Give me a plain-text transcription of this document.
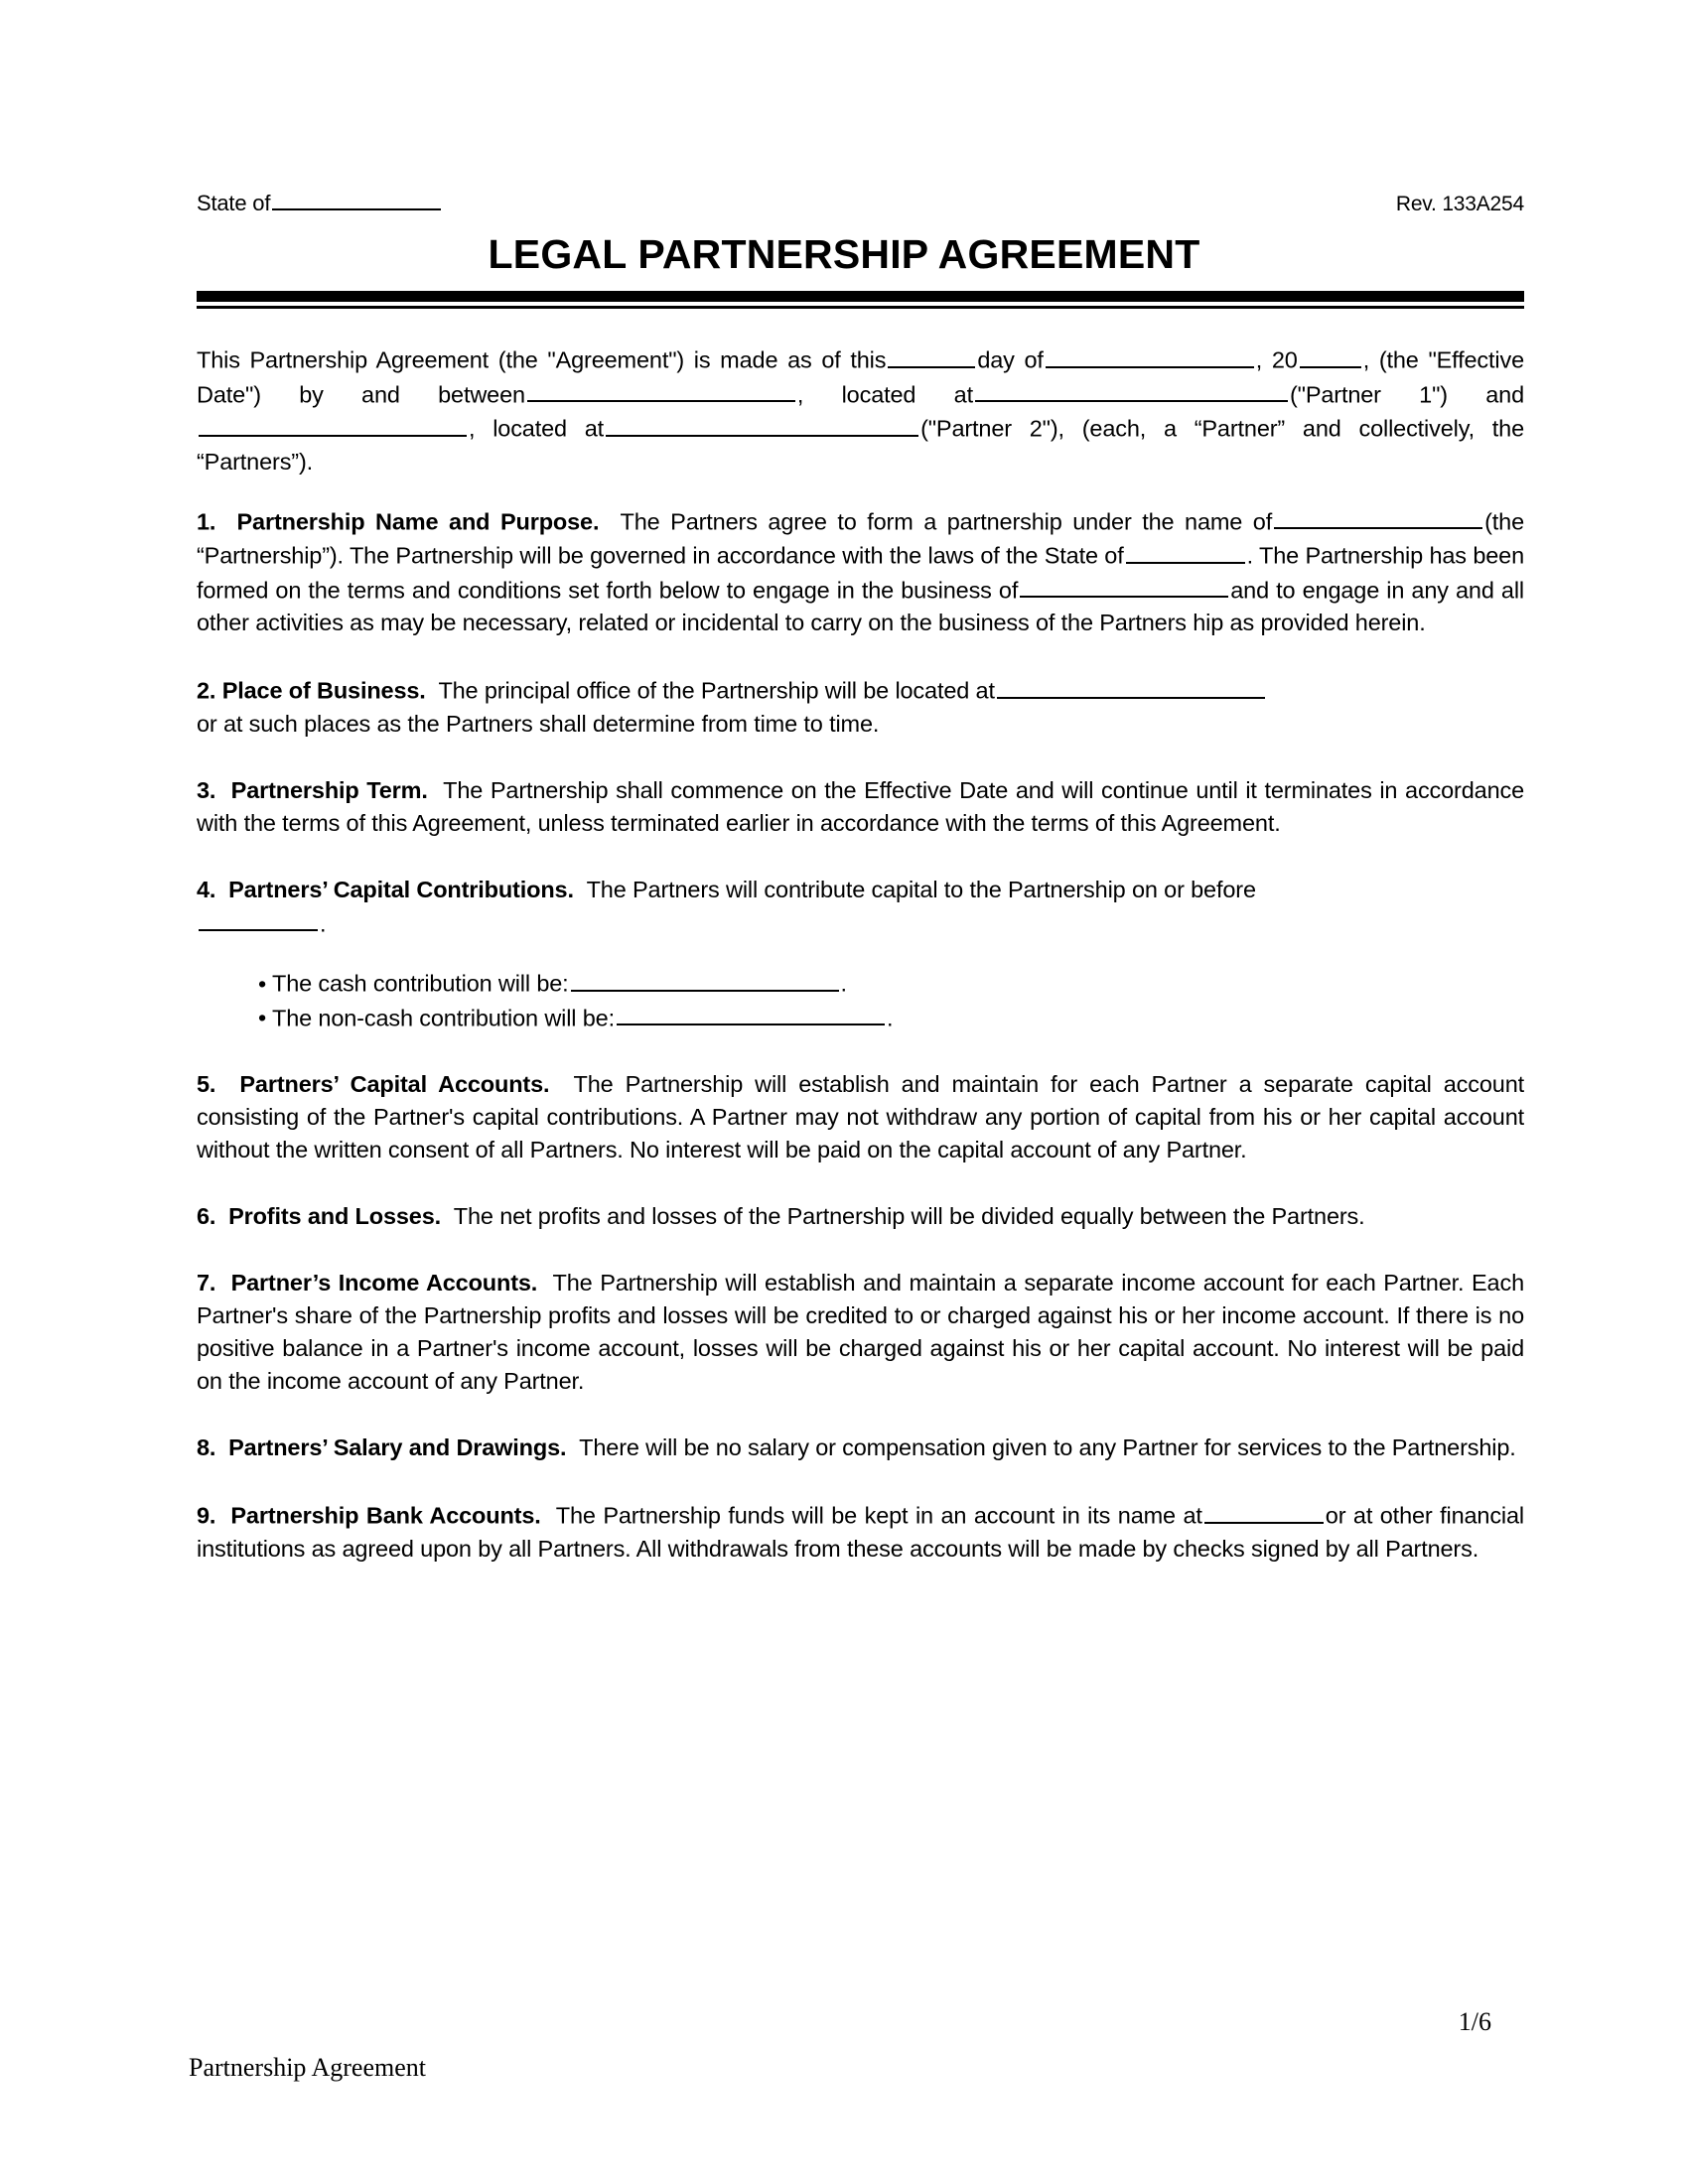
State of	Rev. 133A254
LEGAL PARTNERSHIP AGREEMENT

This Partnership Agreement (the "Agreement") is made as of this	day of	, 20	, (the "Effective Date") by and between	, located at	("Partner 1") and, located at	("Partner 2"), (each, a “Partner” and collectively, the “Partners”).

1. Partnership Name and Purpose. The Partners agree to form a partnership under the name of	(the “Partnership”). The Partnership will be governed in accordance with the laws of the State of	. The Partnership has been formed on the terms and conditions set forth below to engage in the business of	and to engage in any and all other activities as may be necessary, related or incidental to carry on the business of the Partners hip as provided herein.

2. Place of Business. The principal office of the Partnership will be located at
or at such places as the Partners shall determine from time to time.

3. Partnership Term. The Partnership shall commence on the Effective Date and will continue until it terminates in accordance with the terms of this Agreement, unless terminated earlier in accordance with the terms of this Agreement.

4. Partners’ Capital Contributions. The Partners will contribute capital to the Partnership on or before
.

• The cash contribution will be:	.
• The non-cash contribution will be:	.

5. Partners’ Capital Accounts. The Partnership will establish and maintain for each Partner a separate capital account consisting of the Partner's capital contributions. A Partner may not withdraw any portion of capital from his or her capital account without the written consent of all Partners. No interest will be paid on the capital account of any Partner.

6. Profits and Losses. The net profits and losses of the Partnership will be divided equally between the Partners.

7. Partner’s Income Accounts. The Partnership will establish and maintain a separate income account for each Partner. Each Partner's share of the Partnership profits and losses will be credited to or charged against his or her income account. If there is no positive balance in a Partner's income account, losses will be charged against his or her capital account. No interest will be paid on the income account of any Partner.

8. Partners’ Salary and Drawings. There will be no salary or compensation given to any Partner for services to the Partnership.

9. Partnership Bank Accounts. The Partnership funds will be kept in an account in its name at	or at other financial institutions as agreed upon by all Partners. All withdrawals from these accounts will be made by checks signed by all Partners.

1/6
Partnership Agreement
